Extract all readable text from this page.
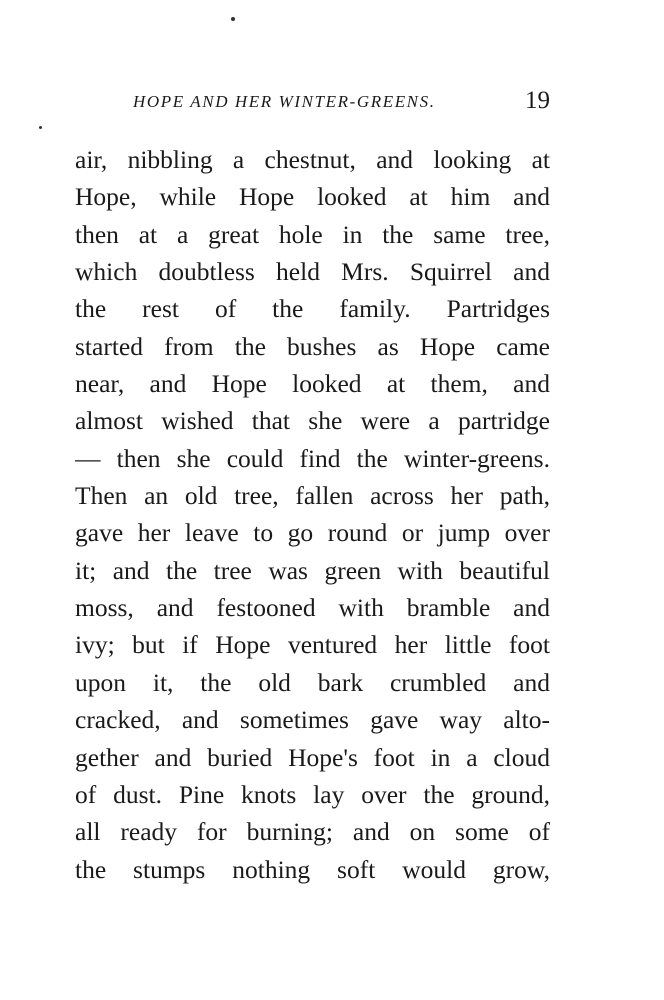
HOPE AND HER WINTER-GREENS.	19
air, nibbling a chestnut, and looking at
Hope, while Hope looked at him and
then at a great hole in the same tree,
which doubtless held Mrs. Squirrel and
the rest of the family. Partridges
started from the bushes as Hope came
near, and Hope looked at them, and
almost wished that she were a partridge
— then she could find the winter-greens.
Then an old tree, fallen across her path,
gave her leave to go round or jump over
it; and the tree was green with beautiful
moss, and festooned with bramble and
ivy; but if Hope ventured her little foot
upon it, the old bark crumbled and
cracked, and sometimes gave way alto-
gether and buried Hope's foot in a cloud
of dust. Pine knots lay over the ground,
all ready for burning; and on some of
the stumps nothing soft would grow,
